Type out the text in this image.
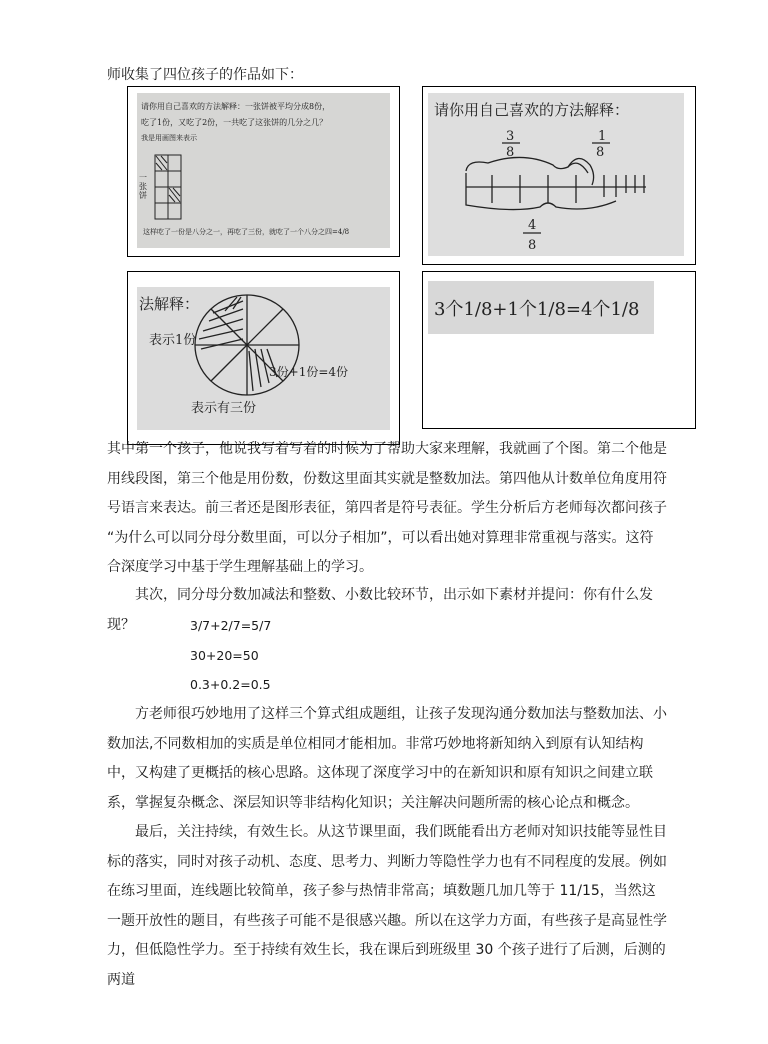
师收集了四位孩子的作品如下：
请你用自己喜欢的方法解释：一张饼被平均分成8份，
吃了1份，又吃了2份，一共吃了这张饼的几分之几？
我是用画图来表示
一张饼
这样吃了一份是八分之一，再吃了三份，就吃了一个八分之四=4/8
请你用自己喜欢的方法解释：
3
8
1
8
4
8
法解释：
表示1份
3份+1份=4份
表示有三份
3个1/8+1个1/8=4个1/8

其中第一个孩子，他说我写着写着的时候为了帮助大家来理解，我就画了个图。第二个他是用线段图，第三个他是用份数，份数这里面其实就是整数加法。第四他从计数单位角度用符号语言来表达。前三者还是图形表征，第四者是符号表征。学生分析后方老师每次都问孩子 “为什么可以同分母分数里面，可以分子相加”，可以看出她对算理非常重视与落实。这符合深度学习中基于学生理解基础上的学习。

其次，同分母分数加减法和整数、小数比较环节，出示如下素材并提问：你有什么发现？	3/7+2/7=5/7
30+20=50
0.3+0.2=0.5

方老师很巧妙地用了这样三个算式组成题组，让孩子发现沟通分数加法与整数加法、小数加法,不同数相加的实质是单位相同才能相加。非常巧妙地将新知纳入到原有认知结构中，又构建了更概括的核心思路。这体现了深度学习中的在新知识和原有知识之间建立联系，掌握复杂概念、深层知识等非结构化知识；关注解决问题所需的核心论点和概念。

最后，关注持续，有效生长。从这节课里面，我们既能看出方老师对知识技能等显性目标的落实，同时对孩子动机、态度、思考力、判断力等隐性学力也有不同程度的发展。例如在练习里面，连线题比较简单，孩子参与热情非常高；填数题几加几等于 11/15，当然这一题开放性的题目，有些孩子可能不是很感兴趣。所以在这学力方面，有些孩子是高显性学力，但低隐性学力。至于持续有效生长，我在课后到班级里 30 个孩子进行了后测，后测的两道
